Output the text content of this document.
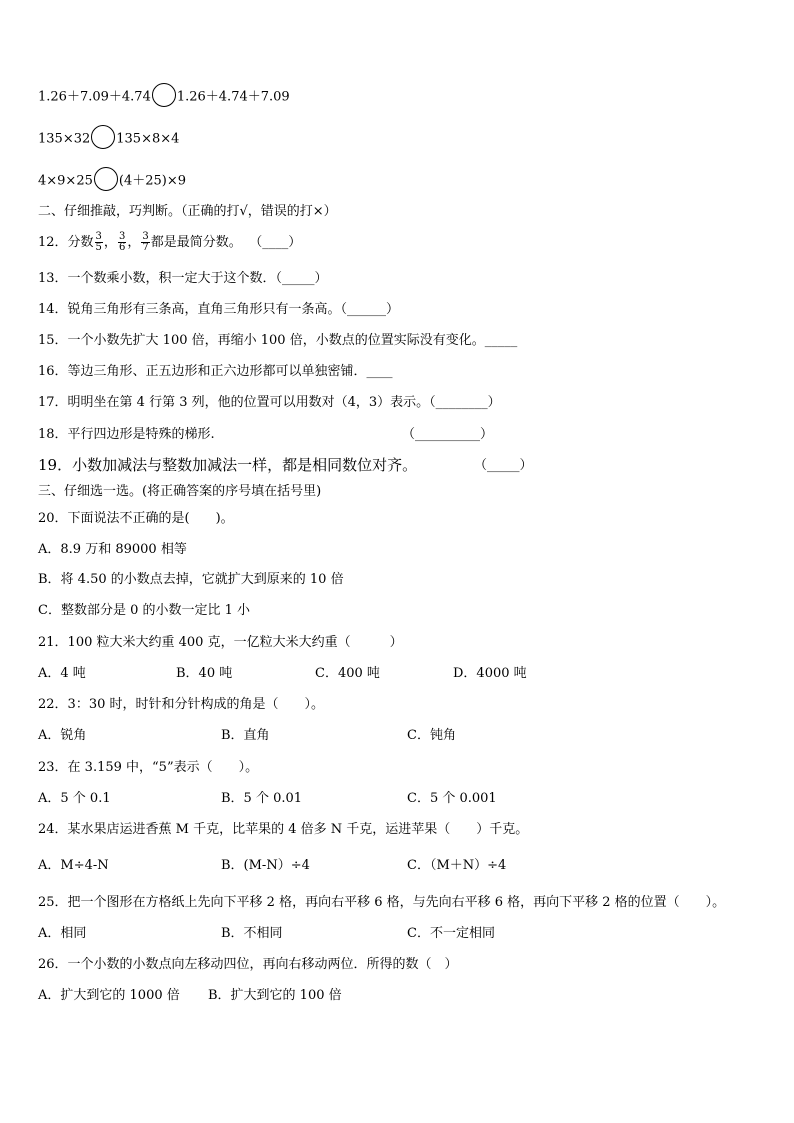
1.26＋7.09＋4.74 1.26＋4.74＋7.09
135×32 135×8×4
4×9×25 (4＋25)×9
二、仔细推敲，巧判断。（正确的打√，错误的打×）
12．分数 $\frac{3}{5}$ ， $\frac{3}{6}$ ， $\frac{3}{7}$ 都是最简分数。 （____）
13．一个数乘小数，积一定大于这个数．（_____）
14．锐角三角形有三条高，直角三角形只有一条高。（______）
15．一个小数先扩大 100 倍，再缩小 100 倍，小数点的位置实际没有变化。_____
16．等边三角形、正五边形和正六边形都可以单独密铺．____
17．明明坐在第 4 行第 3 列，他的位置可以用数对（4，3）表示。（________）
18．平行四边形是特殊的梯形.	（__________）
19．小数加减法与整数加减法一样，都是相同数位对齐。	（_____）
三、仔细选一选。(将正确答案的序号填在括号里)
20．下面说法不正确的是(　　)。
A．8.9 万和 89000 相等
B．将 4.50 的小数点去掉，它就扩大到原来的 10 倍
C．整数部分是 0 的小数一定比 1 小
21．100 粒大米大约重 400 克，一亿粒大米大约重（　　　）
A．4 吨	B．40 吨	C．400 吨	D．4000 吨
22．3：30 时，时针和分针构成的角是（　　）。
A．锐角	B．直角	C．钝角
23．在 3.159 中，“5”表示（　　）。
A．5 个 0.1	B．5 个 0.01	C．5 个 0.001
24．某水果店运进香蕉 M 千克，比苹果的 4 倍多 N 千克，运进苹果（　　）千克。
A．M÷4-N	B．(M-N）÷4	C．（M＋N）÷4
25．把一个图形在方格纸上先向下平移 2 格，再向右平移 6 格，与先向右平移 6 格，再向下平移 2 格的位置（　　）。
A．相同	B．不相同	C．不一定相同
26．一个小数的小数点向左移动四位，再向右移动两位．所得的数（　）
A．扩大到它的 1000 倍 B．扩大到它的 100 倍
